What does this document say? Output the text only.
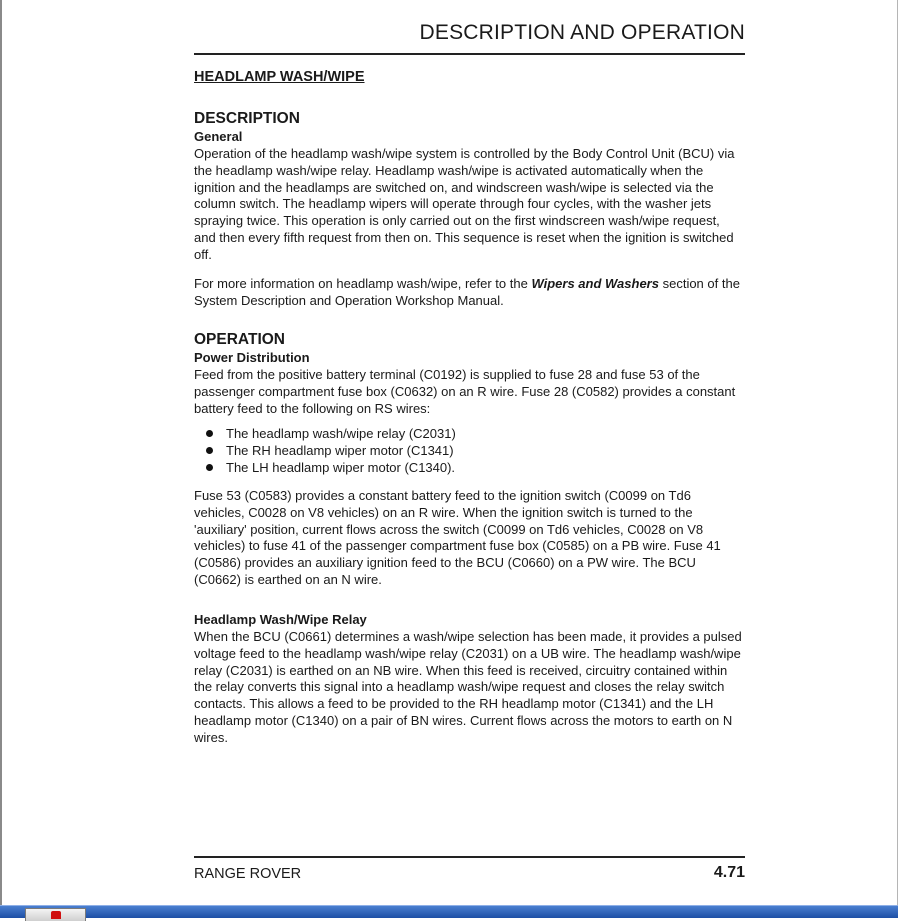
DESCRIPTION AND OPERATION
HEADLAMP WASH/WIPE
DESCRIPTION
General
Operation of the headlamp wash/wipe system is controlled by the Body Control Unit (BCU) via the headlamp wash/wipe relay. Headlamp wash/wipe is activated automatically when the ignition and the headlamps are switched on, and windscreen wash/wipe is selected via the column switch. The headlamp wipers will operate through four cycles, with the washer jets spraying twice. This operation is only carried out on the first windscreen wash/wipe request, and then every fifth request from then on. This sequence is reset when the ignition is switched off.
For more information on headlamp wash/wipe, refer to the Wipers and Washers section of the System Description and Operation Workshop Manual.
OPERATION
Power Distribution
Feed from the positive battery terminal (C0192) is supplied to fuse 28 and fuse 53 of the passenger compartment fuse box (C0632) on an R wire. Fuse 28 (C0582) provides a constant battery feed to the following on RS wires:
The headlamp wash/wipe relay (C2031)
The RH headlamp wiper motor (C1341)
The LH headlamp wiper motor (C1340).
Fuse 53 (C0583) provides a constant battery feed to the ignition switch (C0099 on Td6 vehicles, C0028 on V8 vehicles) on an R wire. When the ignition switch is turned to the 'auxiliary' position, current flows across the switch (C0099 on Td6 vehicles, C0028 on V8 vehicles) to fuse 41 of the passenger compartment fuse box (C0585) on a PB wire. Fuse 41 (C0586) provides an auxiliary ignition feed to the BCU (C0660) on a PW wire. The BCU (C0662) is earthed on an N wire.
Headlamp Wash/Wipe Relay
When the BCU (C0661) determines a wash/wipe selection has been made, it provides a pulsed voltage feed to the headlamp wash/wipe relay (C2031) on a UB wire. The headlamp wash/wipe relay (C2031) is earthed on an NB wire. When this feed is received, circuitry contained within the relay converts this signal into a headlamp wash/wipe request and closes the relay switch contacts. This allows a feed to be provided to the RH headlamp motor (C1341) and the LH headlamp motor (C1340) on a pair of BN wires. Current flows across the motors to earth on N wires.
RANGE ROVER	4.71
